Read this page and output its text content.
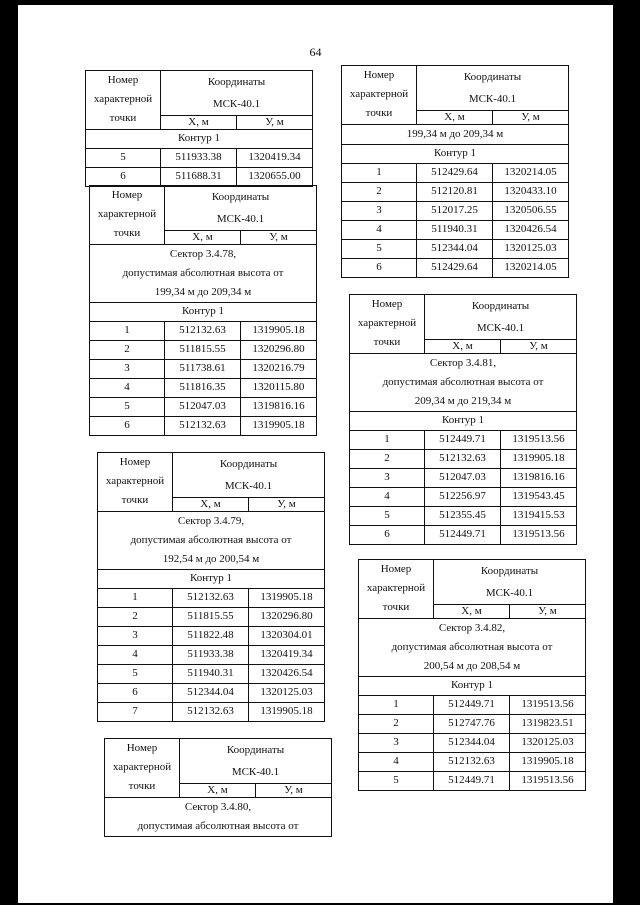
64
Номер
характерной
точки	Координаты
МСК-40.1	

	Х, м	У, м
Контур 1		
5	511933.38	1320419.34
6	511688.31	1320655.00
Номер
характерной
точки	Координаты
МСК-40.1	

	Х, м	У, м

Сектор 3.4.78,
допустимая абсолютная высота от
199,34 м до 209,34 м		

Контур 1		
1	512132.63	1319905.18
2	511815.55	1320296.80
3	511738.61	1320216.79
4	511816.35	1320115.80
5	512047.03	1319816.16
6	512132.63	1319905.18
Номер
характерной
точки	Координаты
МСК-40.1	

	Х, м	У, м

Сектор 3.4.79,
допустимая абсолютная высота от
192,54 м до 200,54 м		

Контур 1		
1	512132.63	1319905.18
2	511815.55	1320296.80
3	511822.48	1320304.01
4	511933.38	1320419.34
5	511940.31	1320426.54
6	512344.04	1320125.03
7	512132.63	1319905.18
Номер
характерной
точки	Координаты
МСК-40.1	

	Х, м	У, м

Сектор 3.4.80,
допустимая абсолютная высота от		
Номер
характерной
точки	Координаты
МСК-40.1	

	Х, м	У, м

199,34 м до 209,34 м		

Контур 1		
1	512429.64	1320214.05
2	512120.81	1320433.10
3	512017.25	1320506.55
4	511940.31	1320426.54
5	512344.04	1320125.03
6	512429.64	1320214.05
Номер
характерной
точки	Координаты
МСК-40.1	

	Х, м	У, м

Сектор 3.4.81,
допустимая абсолютная высота от
209,34 м до 219,34 м		

Контур 1		
1	512449.71	1319513.56
2	512132.63	1319905.18
3	512047.03	1319816.16
4	512256.97	1319543.45
5	512355.45	1319415.53
6	512449.71	1319513.56
Номер
характерной
точки	Координаты
МСК-40.1	

	Х, м	У, м

Сектор 3.4.82,
допустимая абсолютная высота от
200,54 м до 208,54 м		

Контур 1		
1	512449.71	1319513.56
2	512747.76	1319823.51
3	512344.04	1320125.03
4	512132.63	1319905.18
5	512449.71	1319513.56
